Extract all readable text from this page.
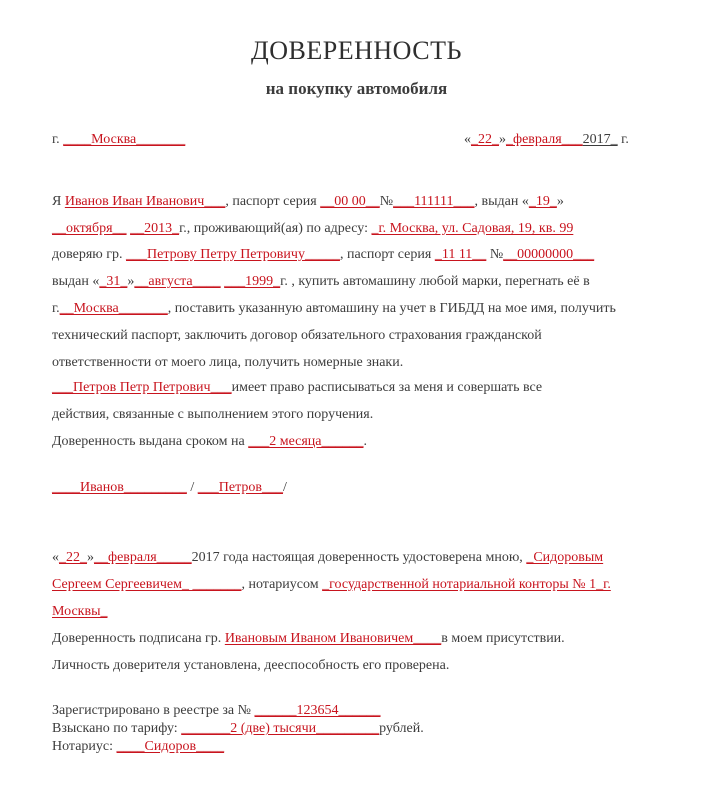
ДОВЕРЕННОСТЬ
на покупку автомобиля
г. ____Москва_______	«_22_»_февраля___2017_ г.
Я Иванов Иван Иванович___, паспорт серия __00 00__№___111111___, выдан «_19_»
__октября__ __2013_г., проживающий(ая) по адресу: _г. Москва, ул. Садовая, 19, кв. 99
доверяю гр. ___Петрову Петру Петровичу_____, паспорт серия _11 11__ №__00000000___
выдан «_31_»__августа____ ___1999_г. , купить автомашину любой марки, перегнать её в
г.__Москва_______, поставить указанную автомашину на учет в ГИБДД на мое имя, получить
технический паспорт, заключить договор обязательного страхования гражданской
ответственности от моего лица, получить номерные знаки.
___Петров Петр Петрович___имеет право расписываться за меня и совершать все
действия, связанные с выполнением этого поручения.
Доверенность выдана сроком на ___2 месяца______.
____Иванов_________ / ___Петров___/
«_22_»__февраля_____2017 года настоящая доверенность удостоверена мною, _Сидоровым
Сергеем Сергеевичем_ _______, нотариусом _государственной нотариальной конторы № 1_г.
Москвы_
Доверенность подписана гр. Ивановым Иваном Ивановичем____в моем присутствии.
Личность доверителя установлена, дееспособность его проверена.
Зарегистрировано в реестре за № ______123654______
Взыскано по тарифу: _______2 (две) тысячи_________рублей.
Нотариус: ____Сидоров____
